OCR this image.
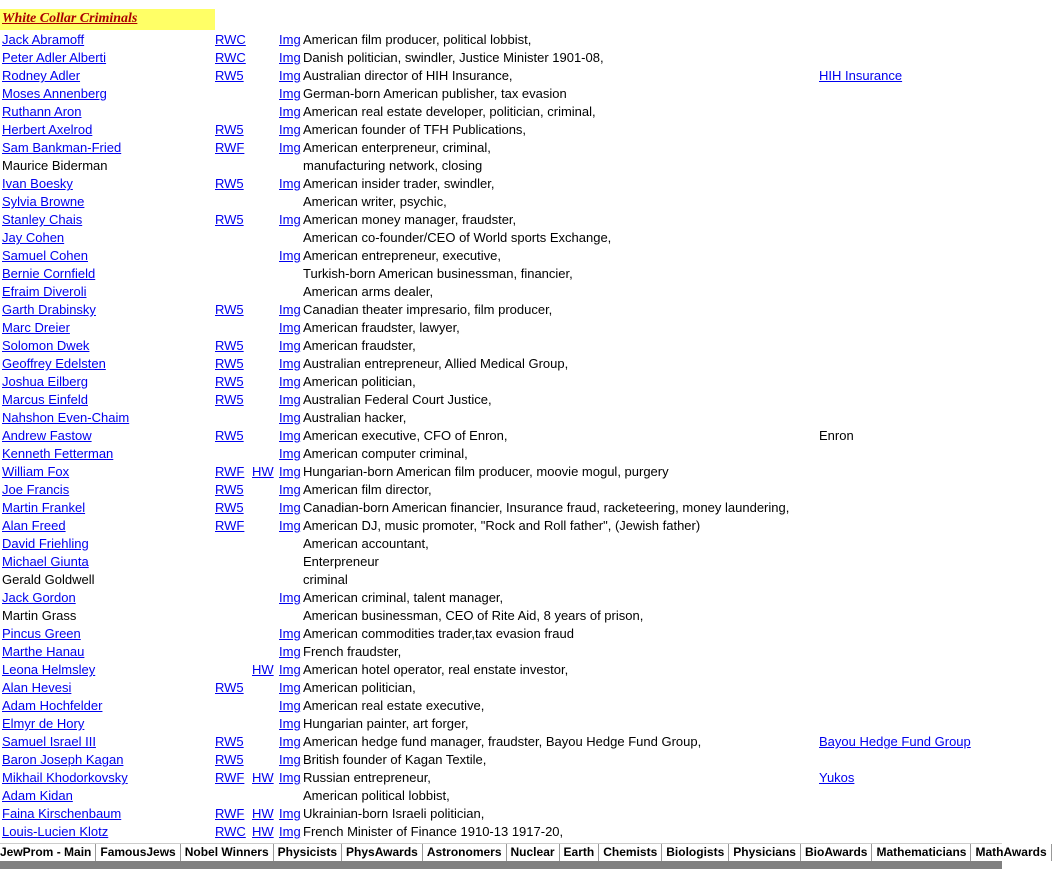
White Collar Criminals
Jack Abramoff	RWC	Img American film producer, political lobbist,
Peter Adler Alberti	RWC	Img Danish politician, swindler, Justice Minister 1901-08,
Rodney Adler	RW5	Img Australian director of HIH Insurance,	HIH Insurance
Moses Annenberg	Img German-born American publisher, tax evasion
Ruthann Aron	Img American real estate developer, politician, criminal,
Herbert Axelrod	RW5	Img American founder of TFH Publications,
Sam Bankman-Fried	RWF	Img American enterpreneur, criminal,
Maurice Biderman	manufacturing network, closing
Ivan Boesky	RW5	Img American insider trader, swindler,
Sylvia Browne	American writer, psychic,
Stanley Chais	RW5	Img American money manager, fraudster,
Jay Cohen	American co-founder/CEO of World sports Exchange,
Samuel Cohen	Img American entrepreneur, executive,
Bernie Cornfield	Turkish-born American businessman, financier,
Efraim Diveroli	American arms dealer,
Garth Drabinsky	RW5	Img Canadian theater impresario, film producer,
Marc Dreier	Img American fraudster, lawyer,
Solomon Dwek	RW5	Img American fraudster,
Geoffrey Edelsten	RW5	Img Australian entrepreneur, Allied Medical Group,
Joshua Eilberg	RW5	Img American politician,
Marcus Einfeld	RW5	Img Australian Federal Court Justice,
Nahshon Even-Chaim	Img Australian hacker,
Andrew Fastow	RW5	Img American executive, CFO of Enron,	Enron
Kenneth Fetterman	Img American computer criminal,
William Fox	RWF HW Img Hungarian-born American film producer, moovie mogul, purgery
Joe Francis	RW5	Img American film director,
Martin Frankel	RW5	Img Canadian-born American financier, Insurance fraud, racketeering, money laundering,
Alan Freed	RWF	Img American DJ, music promoter, "Rock and Roll father", (Jewish father)
David Friehling	American accountant,
Michael Giunta	Enterpreneur
Gerald Goldwell	criminal
Jack Gordon	Img American criminal, talent manager,
Martin Grass	American businessman, CEO of Rite Aid, 8 years of prison,
Pincus Green	Img American commodities trader,tax evasion fraud
Marthe Hanau	Img French fraudster,
Leona Helmsley	HW Img American hotel operator, real enstate investor,
Alan Hevesi	RW5	Img American politician,
Adam Hochfelder	Img American real estate executive,
Elmyr de Hory	Img Hungarian painter, art forger,
Samuel Israel III	RW5	Img American hedge fund manager, fraudster, Bayou Hedge Fund Group,	Bayou Hedge Fund Group
Baron Joseph Kagan	RW5	Img British founder of Kagan Textile,
Mikhail Khodorkovsky	RWF HW Img Russian entrepreneur,	Yukos
Adam Kidan	American political lobbist,
Faina Kirschenbaum	RWF HW Img Ukrainian-born Israeli politician,
Louis-Lucien Klotz	RWC HW Img French Minister of Finance 1910-13 1917-20,
JewProm - Main FamousJews Nobel Winners Physicists PhysAwards Astronomers Nuclear Earth Chemists Biologists Physicians BioAwards Mathematicians MathAwards
